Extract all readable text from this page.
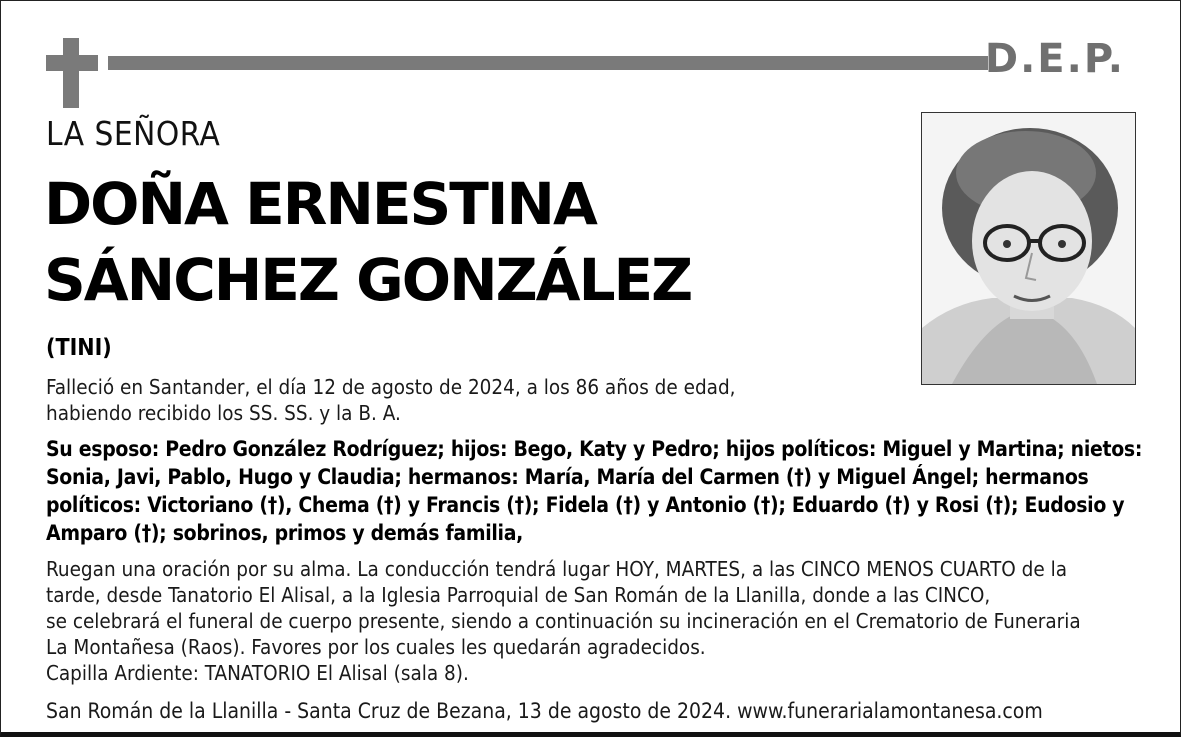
D.E.P.
LA SEÑORA
DOÑA ERNESTINA
SÁNCHEZ GONZÁLEZ
(TINI)
Falleció en Santander, el día 12 de agosto de 2024, a los 86 años de edad,
habiendo recibido los SS. SS. y la B. A.
Su esposo: Pedro González Rodríguez; hijos: Bego, Katy y Pedro; hijos políticos: Miguel y Martina; nietos: Sonia, Javi, Pablo, Hugo y Claudia; hermanos: María, María del Carmen (†) y Miguel Ángel; hermanos políticos: Victoriano (†), Chema (†) y Francis (†); Fidela (†) y Antonio (†); Eduardo (†) y Rosi (†); Eudosio y Amparo (†); sobrinos, primos y demás familia,
Ruegan una oración por su alma. La conducción tendrá lugar HOY, MARTES, a las CINCO MENOS CUARTO de la
tarde, desde Tanatorio El Alisal, a la Iglesia Parroquial de San Román de la Llanilla, donde a las CINCO,
se celebrará el funeral de cuerpo presente, siendo a continuación su incineración en el Crematorio de Funeraria
La Montañesa (Raos). Favores por los cuales les quedarán agradecidos.
Capilla Ardiente: TANATORIO El Alisal (sala 8).
San Román de la Llanilla - Santa Cruz de Bezana, 13 de agosto de 2024. www.funerarialamontanesa.com
